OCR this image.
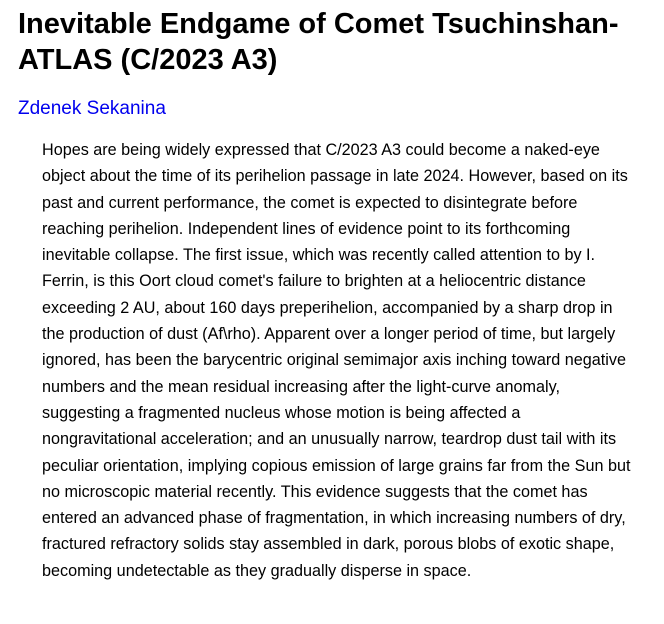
Inevitable Endgame of Comet Tsuchinshan-ATLAS (C/2023 A3)
Zdenek Sekanina

Hopes are being widely expressed that C/2023 A3 could become a naked-eye object about the time of its perihelion passage in late 2024. However, based on its past and current performance, the comet is expected to disintegrate before reaching perihelion. Independent lines of evidence point to its forthcoming inevitable collapse. The first issue, which was recently called attention to by I. Ferrin, is this Oort cloud comet's failure to brighten at a heliocentric distance exceeding 2 AU, about 160 days preperihelion, accompanied by a sharp drop in the production of dust (Af\rho). Apparent over a longer period of time, but largely ignored, has been the barycentric original semimajor axis inching toward negative numbers and the mean residual increasing after the light-curve anomaly, suggesting a fragmented nucleus whose motion is being affected a nongravitational acceleration; and an unusually narrow, teardrop dust tail with its peculiar orientation, implying copious emission of large grains far from the Sun but no microscopic material recently. This evidence suggests that the comet has entered an advanced phase of fragmentation, in which increasing numbers of dry, fractured refractory solids stay assembled in dark, porous blobs of exotic shape, becoming undetectable as they gradually disperse in space.
